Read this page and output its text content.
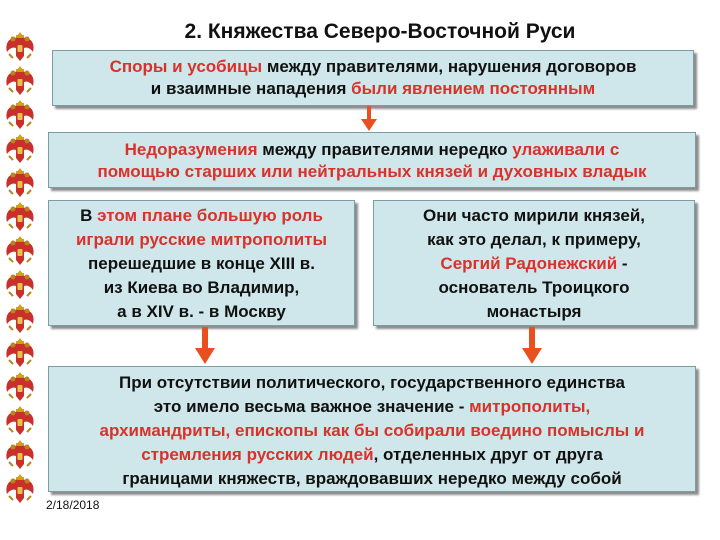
2. Княжества Северо-Восточной Руси

Споры и усобицы между правителями, нарушения договоров

и взаимные нападения были явлением постоянным

Недоразумения между правителями нередко улаживали с

помощью старших или нейтральных князей и духовных владык

В этом плане большую роль

играли русские митрополиты

перешедшие в конце XIII в.

из Киева во Владимир,

а в XIV в. - в Москву

Они часто мирили князей,

как это делал, к примеру,

Сергий Радонежский -

основатель Троицкого

монастыря

При отсутствии политического, государственного единства

это имело весьма важное значение - митрополиты,

архимандриты, епископы как бы собирали воедино помыслы и

стремления русских людей, отделенных друг от друга

границами княжеств, враждовавших нередко между собой

2/18/2018
